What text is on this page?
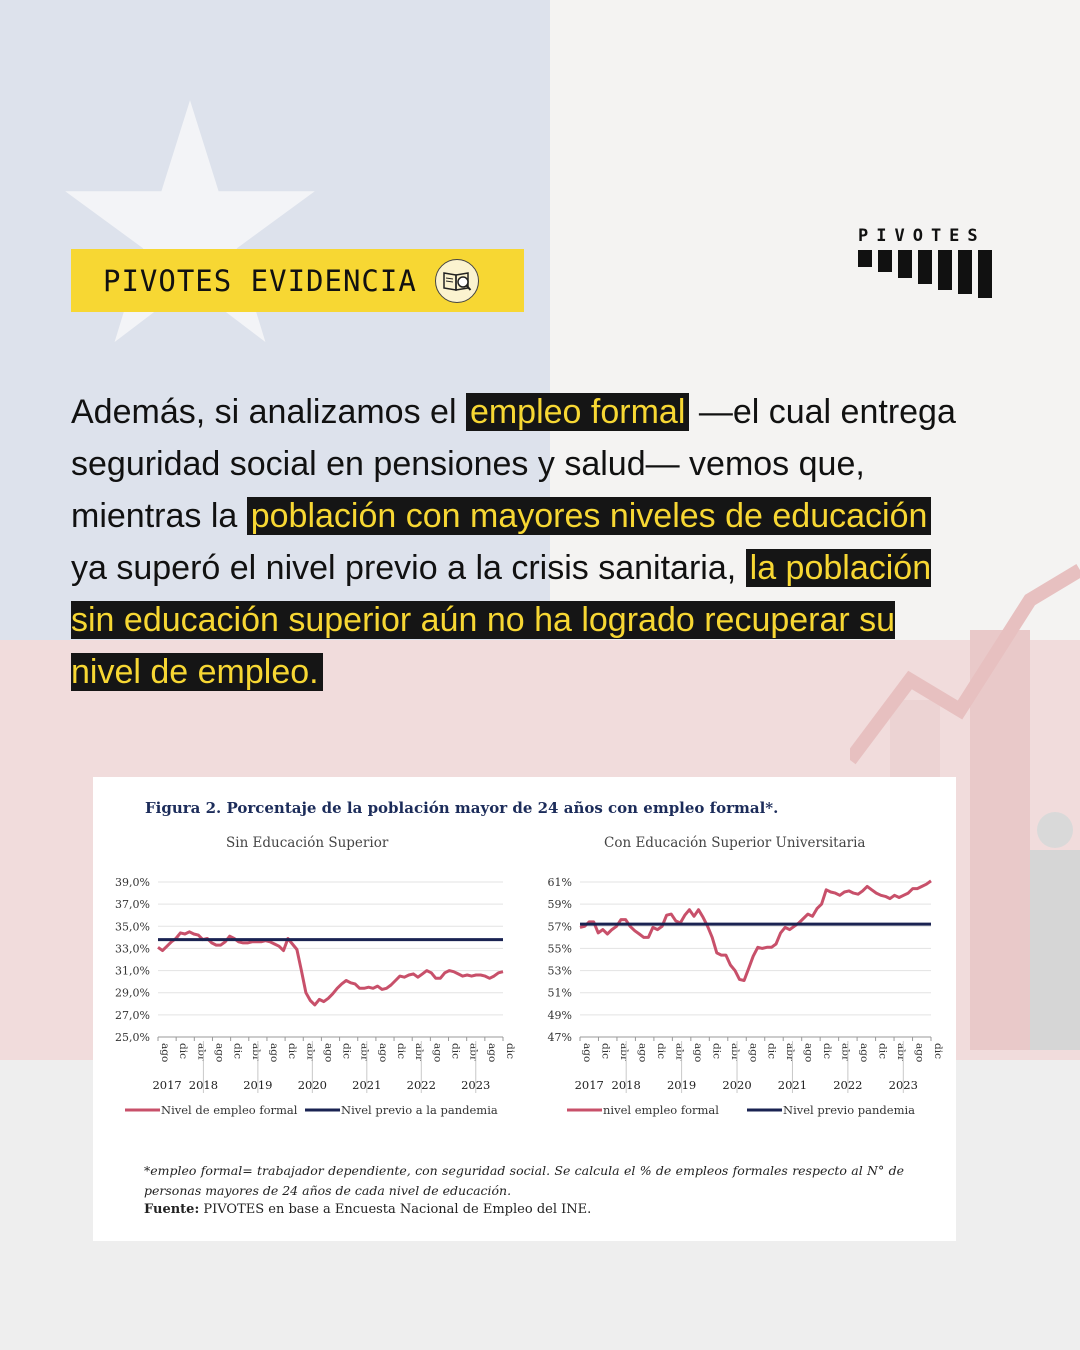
PIVOTES EVIDENCIA
PIVOTES
Además, si analizamos el empleo formal —el cual entrega seguridad social en pensiones y salud— vemos que, mientras la población con mayores niveles de educación ya superó el nivel previo a la crisis sanitaria, la población sin educación superior aún no ha logrado recuperar su nivel de empleo.
Figura 2. Porcentaje de la población mayor de 24 años con empleo formal*.
Sin Educación Superior	Con Educación Superior Universitaria
39,0%
37,0%
35,0%
33,0%
31,0%
29,0%
27,0%
25,0%
ago dic abr ago dic abr ago dic abr ago dic abr ago dic abr ago dic abr ago dic
2017 2018 2019 2020 2021 2022 2023
Nivel de empleo formal	Nivel previo a la pandemia
61%
59%
57%
55%
53%
51%
49%
47%
ago dic abr ago dic abr ago dic abr ago dic abr ago dic abr ago dic abr ago dic
2017 2018 2019 2020 2021 2022 2023
nivel empleo formal	Nivel previo pandemia
*empleo formal= trabajador dependiente, con seguridad social. Se calcula el % de empleos formales respecto al N° de personas mayores de 24 años de cada nivel de educación.
Fuente: PIVOTES en base a Encuesta Nacional de Empleo del INE.
